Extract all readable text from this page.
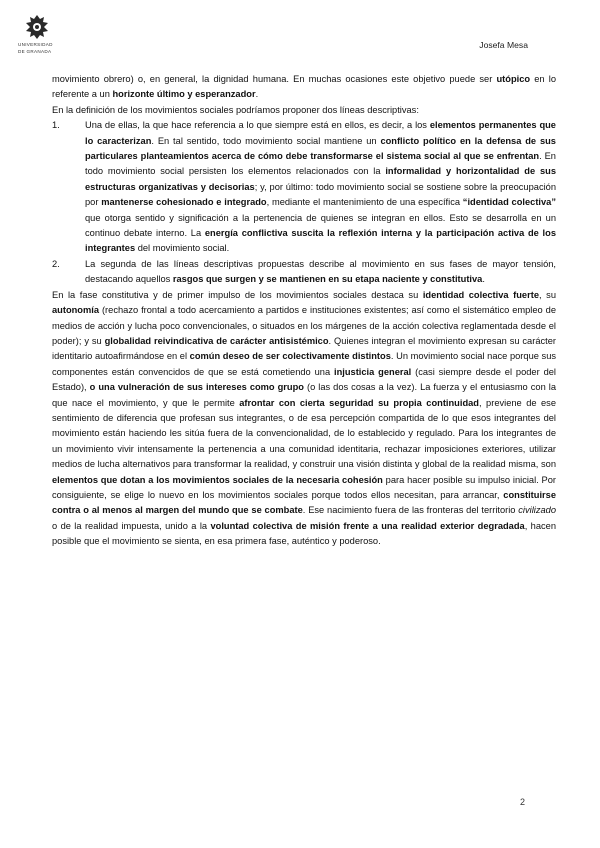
UNIVERSIDAD
DE GRANADA
Josefa Mesa

movimiento obrero) o, en general, la dignidad humana. En muchas ocasiones este objetivo puede ser utópico en lo referente a un horizonte último y esperanzador.

En la definición de los movimientos sociales podríamos proponer dos líneas descriptivas:

1.	Una de ellas, la que hace referencia a lo que siempre está en ellos, es decir, a los elementos permanentes que lo caracterizan. En tal sentido, todo movimiento social mantiene un conflicto político en la defensa de sus particulares planteamientos acerca de cómo debe transformarse el sistema social al que se enfrentan. En todo movimiento social persisten los elementos relacionados con la informalidad y horizontalidad de sus estructuras organizativas y decisorias; y, por último: todo movimiento social se sostiene sobre la preocupación por mantenerse cohesionado e integrado, mediante el mantenimiento de una específica “identidad colectiva” que otorga sentido y significación a la pertenencia de quienes se integran en ellos. Esto se desarrolla en un continuo debate interno. La energía conflictiva suscita la reflexión interna y la participación activa de los integrantes del movimiento social.

2.	La segunda de las líneas descriptivas propuestas describe al movimiento en sus fases de mayor tensión, destacando aquellos rasgos que surgen y se mantienen en su etapa naciente y constitutiva.

En la fase constitutiva y de primer impulso de los movimientos sociales destaca su identidad colectiva fuerte, su autonomía (rechazo frontal a todo acercamiento a partidos e instituciones existentes; así como el sistemático empleo de medios de acción y lucha poco convencionales, o situados en los márgenes de la acción colectiva reglamentada desde el poder); y su globalidad reivindicativa de carácter antisistémico. Quienes integran el movimiento expresan su carácter identitario autoafirmándose en el común deseo de ser colectivamente distintos. Un movimiento social nace porque sus componentes están convencidos de que se está cometiendo una injusticia general (casi siempre desde el poder del Estado), o una vulneración de sus intereses como grupo (o las dos cosas a la vez). La fuerza y el entusiasmo con la que nace el movimiento, y que le permite afrontar con cierta seguridad su propia continuidad, previene de ese sentimiento de diferencia que profesan sus integrantes, o de esa percepción compartida de lo que esos integrantes del movimiento están haciendo les sitúa fuera de la convencionalidad, de lo establecido y regulado. Para los integrantes de un movimiento vivir intensamente la pertenencia a una comunidad identitaria, rechazar imposiciones exteriores, utilizar medios de lucha alternativos para transformar la realidad, y construir una visión distinta y global de la realidad misma, son elementos que dotan a los movimientos sociales de la necesaria cohesión para hacer posible su impulso inicial. Por consiguiente, se elige lo nuevo en los movimientos sociales porque todos ellos necesitan, para arrancar, constituirse contra o al menos al margen del mundo que se combate. Ese nacimiento fuera de las fronteras del territorio civilizado o de la realidad impuesta, unido a la voluntad colectiva de misión frente a una realidad exterior degradada, hacen posible que el movimiento se sienta, en esa primera fase, auténtico y poderoso.

2
